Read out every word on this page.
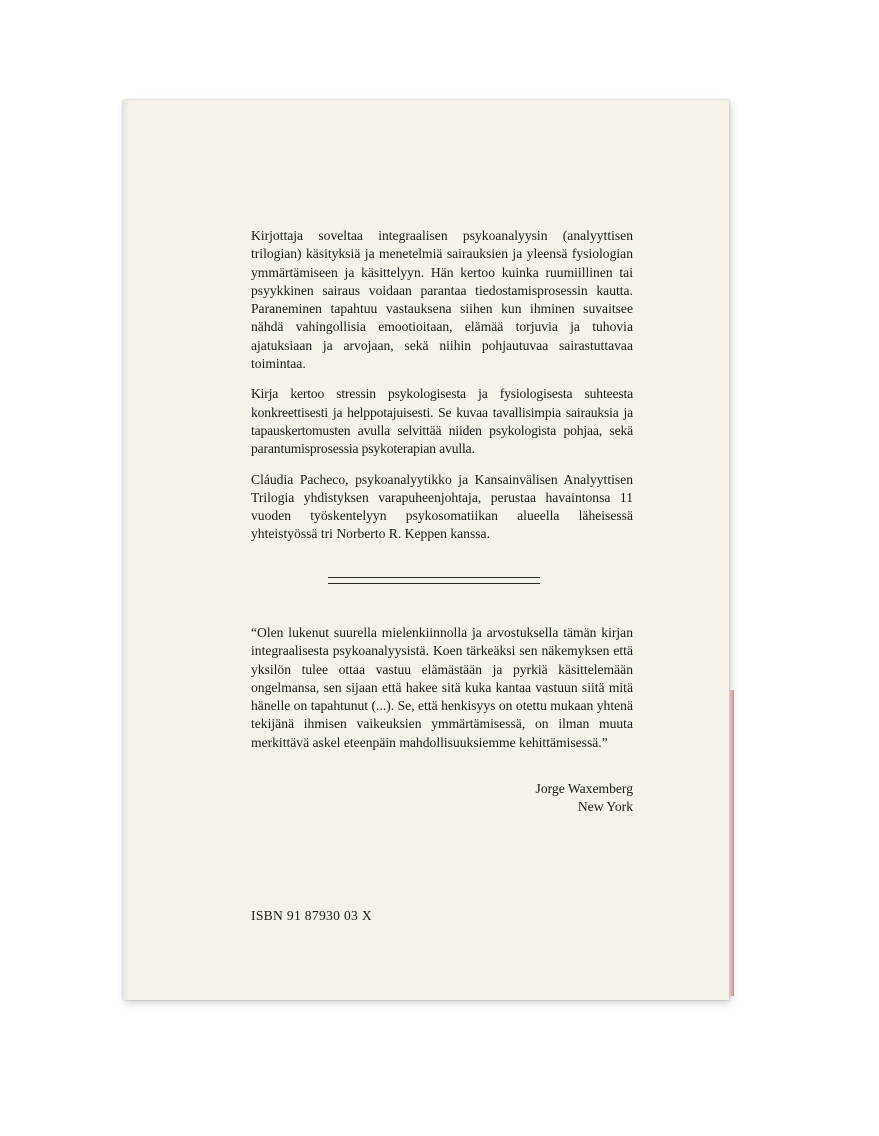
Kirjottaja soveltaa integraalisen psykoanalyysin (analyyttisen trilogian) käsityksiä ja menetelmiä sairauksien ja yleensä fysiologian ymmärtämiseen ja käsittelyyn. Hän kertoo kuinka ruumiillinen tai psyykkinen sairaus voidaan parantaa tiedostamisprosessin kautta. Paraneminen tapahtuu vastauksena siihen kun ihminen suvaitsee nähdä vahingollisia emootioitaan, elämää torjuvia ja tuhovia ajatuksiaan ja arvojaan, sekä niihin pohjautuvaa sairastuttavaa toimintaa.

Kirja kertoo stressin psykologisesta ja fysiologisesta suhteesta konkreettisesti ja helppotajuisesti. Se kuvaa tavallisimpia sairauksia ja tapauskertomusten avulla selvittää niiden psykologista pohjaa, sekä parantumisprosessia psykoterapian avulla.

Cláudia Pacheco, psykoanalyytikko ja Kansainvälisen Analyyttisen Trilogia yhdistyksen varapuheenjohtaja, perustaa havaintonsa 11 vuoden työskentelyyn psykosomatiikan alueella läheisessä yhteistyössä tri Norberto R. Keppen kanssa.

“Olen lukenut suurella mielenkiinnolla ja arvostuksella tämän kirjan integraalisesta psykoanalyysistä. Koen tärkeäksi sen näkemyksen että yksilön tulee ottaa vastuu elämästään ja pyrkiä käsittelemään ongelmansa, sen sijaan että hakee sitä kuka kantaa vastuun siitä mitä hänelle on tapahtunut (...). Se, että henkisyys on otettu mukaan yhtenä tekijänä ihmisen vaikeuksien ymmärtämisessä, on ilman muuta merkittävä askel eteenpäin mahdollisuuksiemme kehittämisessä.”

Jorge Waxemberg
New York
ISBN 91 87930 03 X
